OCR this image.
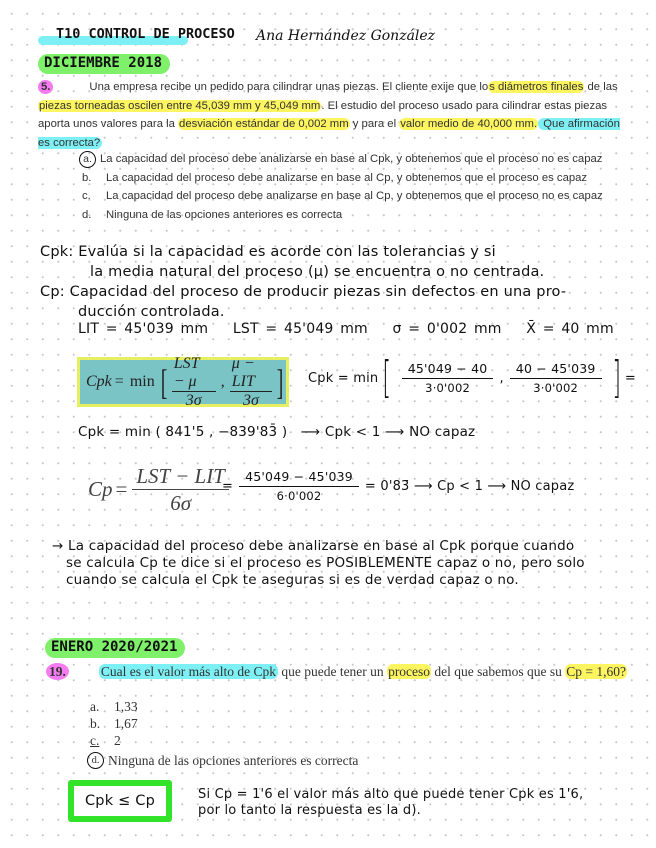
T10 CONTROL DE PROCESO	Ana Hernández González
DICIEMBRE 2018
5.	Una empresa recibe un pedido para cilindrar unas piezas. El cliente exije que los diámetros finales de las piezas torneadas oscilen entre 45,039 mm y 45,049 mm. El estudio del proceso usado para cilindrar estas piezas aporta unos valores para la desviación estándar de 0,002 mm y para el valor medio de 40,000 mm. Que afirmación es correcta?
a. La capacidad del proceso debe analizarse en base al Cpk, y obtenemos que el proceso no es capaz
b.	La capacidad del proceso debe analizarse en base al Cp, y obtenemos que el proceso es capaz
c.	La capacidad del proceso debe analizarse en base al Cp, y obtenemos que el proceso no es capaz
d.	Ninguna de las opciones anteriores es correcta
Cpk: Evalúa si la capacidad es acorde con las tolerancias y si
la media natural del proceso (μ) se encuentra o no centrada.
Cp: Capacidad del proceso de producir piezas sin defectos en una pro-
ducción controlada.
LIT = 45'039 mm LST = 45'049 mm σ = 0'002 mm X̄ = 40 mm
Cpk = min [ $\frac{\text{LST − μ}}{3\sigma}$ , $\frac{\text{μ − LIT}}{3\sigma}$ ] Cpk = min [ $\frac{45'049 - 40}{3\cdot 0'002}$ , $\frac{40 - 45'039}{3\cdot 0'002}$ ] =
Cpk = min ( 841'5 , −839'83̄ ) ⟶ Cpk < 1 ⟶ NO capaz
$Cp = \frac{\text{LST − LIT}}{6\sigma}$
= $\frac{45'049 - 45'039}{6\cdot 0'002}$ = 0'83̄
⟶
Cp < 1
⟶
NO capaz
→ La capacidad del proceso debe analizarse en base al Cpk porque cuando
se calcula Cp te dice si el proceso es POSIBLEMENTE capaz o no, pero solo
cuando se calcula el Cpk te aseguras si es de verdad capaz o no.
ENERO 2020/2021
19.	Cual es el valor más alto de Cpk que puede tener un proceso del que sabemos que su Cp = 1,60?
a.	1,33
b.	1,67
c.	2
d. Ninguna de las opciones anteriores es correcta
Cpk ≤ Cp	Si Cp = 1'6 el valor más alto que puede tener Cpk es 1'6,
por lo tanto la respuesta es la d).
